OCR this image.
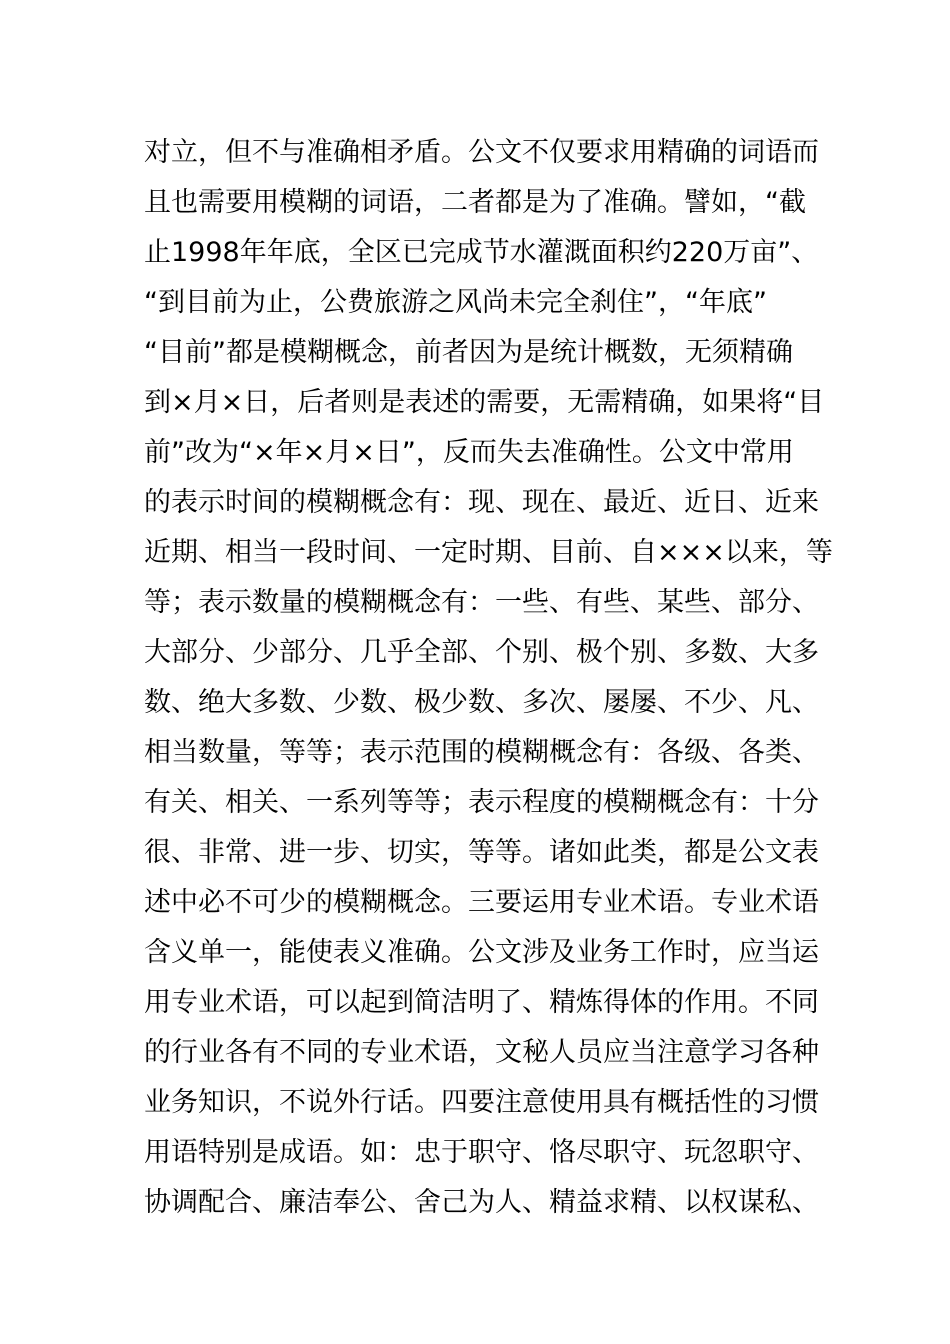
对立，但不与准确相矛盾。公文不仅要求用精确的词语而
且也需要用模糊的词语，二者都是为了准确。譬如，“截
止1998年年底，全区已完成节水灌溉面积约220万亩”、
“到目前为止，公费旅游之风尚未完全刹住”，“年底”
“目前”都是模糊概念，前者因为是统计概数，无须精确
到×月×日，后者则是表述的需要，无需精确，如果将“目
前”改为“×年×月×日”，反而失去准确性。公文中常用
的表示时间的模糊概念有：现、现在、最近、近日、近来
近期、相当一段时间、一定时期、目前、自×××以来，等
等；表示数量的模糊概念有：一些、有些、某些、部分、
大部分、少部分、几乎全部、个别、极个别、多数、大多
数、绝大多数、少数、极少数、多次、屡屡、不少、凡、
相当数量，等等；表示范围的模糊概念有：各级、各类、
有关、相关、一系列等等；表示程度的模糊概念有：十分
很、非常、进一步、切实，等等。诸如此类，都是公文表
述中必不可少的模糊概念。三要运用专业术语。专业术语
含义单一，能使表义准确。公文涉及业务工作时，应当运
用专业术语，可以起到简洁明了、精炼得体的作用。不同
的行业各有不同的专业术语，文秘人员应当注意学习各种
业务知识，不说外行话。四要注意使用具有概括性的习惯
用语特别是成语。如：忠于职守、恪尽职守、玩忽职守、
协调配合、廉洁奉公、舍己为人、精益求精、以权谋私、
